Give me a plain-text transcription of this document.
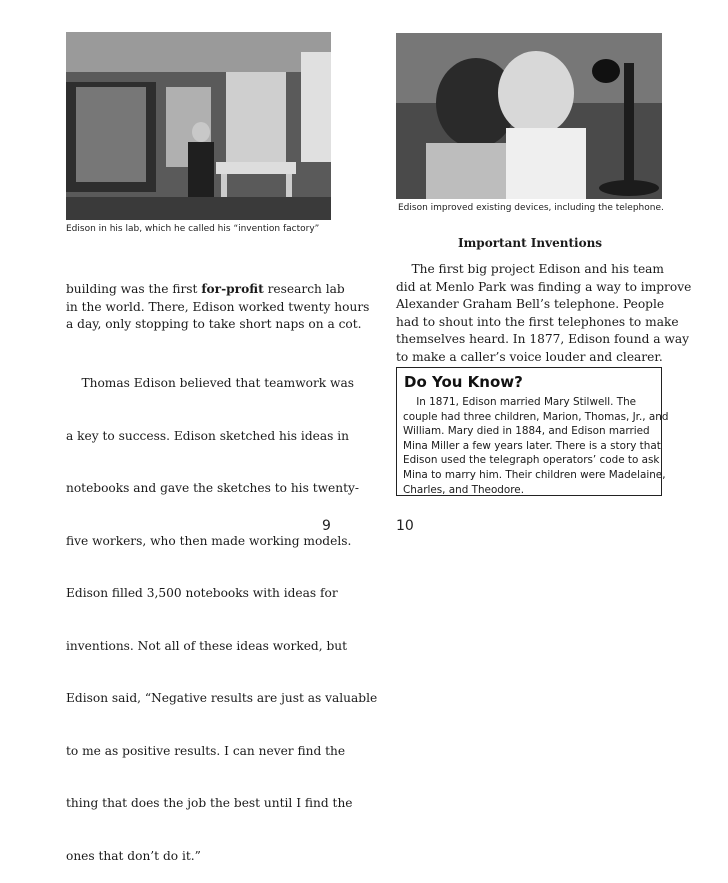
Edison in his lab, which he called his “invention factory”

building was the first for-profit research lab

in the world. There, Edison worked twenty hours

a day, only stopping to take short naps on a cot.

Thomas Edison believed that teamwork was

a key to success. Edison sketched his ideas in

notebooks and gave the sketches to his twenty-

five workers, who then made working models.

Edison filled 3,500 notebooks with ideas for

inventions. Not all of these ideas worked, but

Edison said, “Negative results are just as valuable

to me as positive results. I can never find the

thing that does the job the best until I find the

ones that don’t do it.”

9
Edison improved existing devices, including the telephone.
Important Inventions

The first big project Edison and his team

did at Menlo Park was finding a way to improve

Alexander Graham Bell’s telephone. People

had to shout into the first telephones to make

themselves heard. In 1877, Edison found a way

to make a caller’s voice louder and clearer.

Do You Know?

In 1871, Edison married Mary Stilwell. The

couple had three children, Marion, Thomas, Jr., and

William. Mary died in 1884, and Edison married

Mina Miller a few years later. There is a story that

Edison used the telegraph operators’ code to ask

Mina to marry him. Their children were Madelaine,

Charles, and Theodore.

10
